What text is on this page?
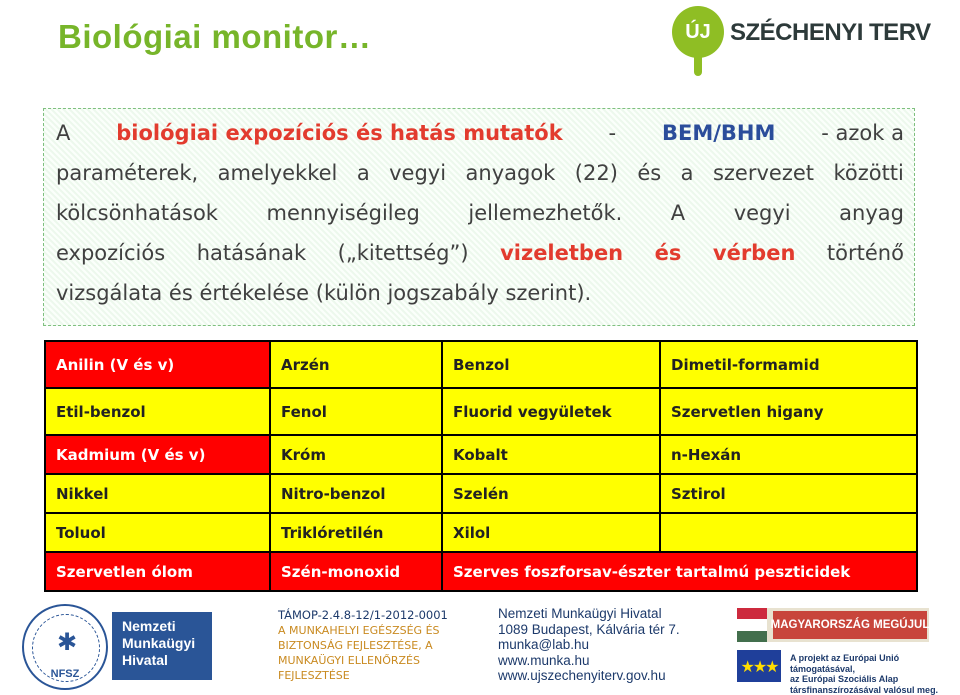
Biológiai monitor…	ÚJ SZÉCHENYI TERV
A biológiai expozíciós és hatás mutatók - BEM/BHM - azok a
paraméterek, amelyekkel a vegyi anyagok (22) és a szervezet közötti
kölcsönhatások mennyiségileg jellemezhetők. A vegyi anyag
expozíciós hatásának („kitettség”) vizeletben és vérben történő
vizsgálata és értékelése (külön jogszabály szerint).
Anilin (V és v)	Arzén	Benzol	Dimetil-formamid
Etil-benzol	Fenol	Fluorid vegyületek	Szervetlen higany
Kadmium (V és v)	Króm	Kobalt	n-Hexán
Nikkel	Nitro-benzol	Szelén	Sztirol
Toluol	Triklóretilén	Xilol	
Szervetlen ólom	Szén-monoxid	Szerves foszforsav-észter tartalmú peszticidek	
✱
NFSZ
Nemzeti
Munkaügyi
Hivatal
TÁMOP-2.4.8-12/1-2012-0001
A MUNKAHELYI EGÉSZSÉG ÉS
BIZTONSÁG FEJLESZTÉSE, A
MUNKAÜGYI ELLENŐRZÉS
FEJLESZTÉSE
Nemzeti Munkaügyi Hivatal
1089 Budapest, Kálvária tér 7.
munka@lab.hu
www.munka.hu
www.ujszechenyiterv.gov.hu
MAGYARORSZÁG MEGÚJUL
★★★	A projekt az Európai Unió támogatásával,
az Európai Szociális Alap
társfinanszírozásával valósul meg.
